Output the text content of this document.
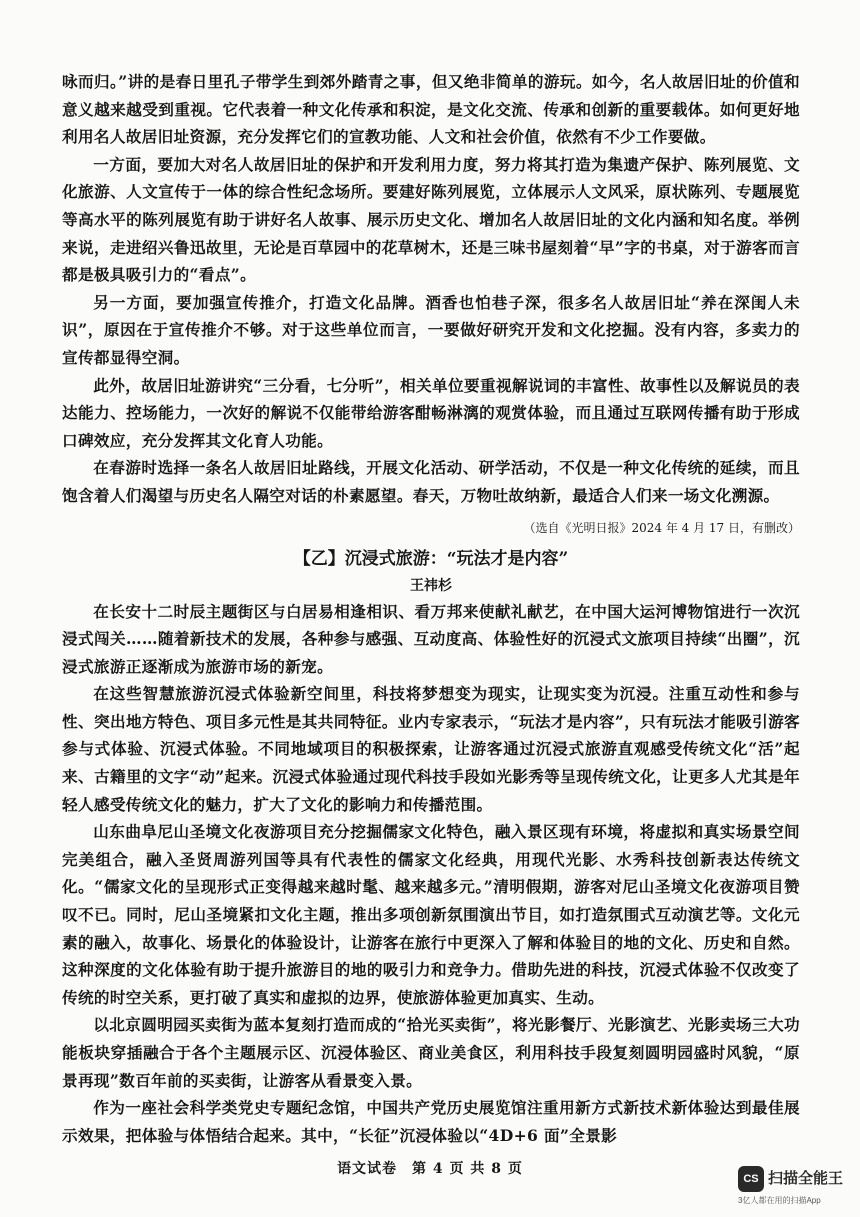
咏而归。”讲的是春日里孔子带学生到郊外踏青之事，但又绝非简单的游玩。如今，名人故居旧址的价值和意义越来越受到重视。它代表着一种文化传承和积淀，是文化交流、传承和创新的重要载体。如何更好地利用名人故居旧址资源，充分发挥它们的宣教功能、人文和社会价值，依然有不少工作要做。

一方面，要加大对名人故居旧址的保护和开发利用力度，努力将其打造为集遗产保护、陈列展览、文化旅游、人文宣传于一体的综合性纪念场所。要建好陈列展览，立体展示人文风采，原状陈列、专题展览等高水平的陈列展览有助于讲好名人故事、展示历史文化、增加名人故居旧址的文化内涵和知名度。举例来说，走进绍兴鲁迅故里，无论是百草园中的花草树木，还是三味书屋刻着“早”字的书桌，对于游客而言都是极具吸引力的“看点”。

另一方面，要加强宣传推介，打造文化品牌。酒香也怕巷子深，很多名人故居旧址“养在深闺人未识”，原因在于宣传推介不够。对于这些单位而言，一要做好研究开发和文化挖掘。没有内容，多卖力的宣传都显得空洞。

此外，故居旧址游讲究“三分看，七分听”，相关单位要重视解说词的丰富性、故事性以及解说员的表达能力、控场能力，一次好的解说不仅能带给游客酣畅淋漓的观赏体验，而且通过互联网传播有助于形成口碑效应，充分发挥其文化育人功能。

在春游时选择一条名人故居旧址路线，开展文化活动、研学活动，不仅是一种文化传统的延续，而且饱含着人们渴望与历史名人隔空对话的朴素愿望。春天，万物吐故纳新，最适合人们来一场文化溯源。

（选自《光明日报》2024 年 4 月 17 日，有删改）

【乙】沉浸式旅游：“玩法才是内容”

王祎杉

在长安十二时辰主题街区与白居易相逢相识、看万邦来使献礼献艺，在中国大运河博物馆进行一次沉浸式闯关……随着新技术的发展，各种参与感强、互动度高、体验性好的沉浸式文旅项目持续“出圈”，沉浸式旅游正逐渐成为旅游市场的新宠。

在这些智慧旅游沉浸式体验新空间里，科技将梦想变为现实，让现实变为沉浸。注重互动性和参与性、突出地方特色、项目多元性是其共同特征。业内专家表示，“玩法才是内容”，只有玩法才能吸引游客参与式体验、沉浸式体验。不同地域项目的积极探索，让游客通过沉浸式旅游直观感受传统文化“活”起来、古籍里的文字“动”起来。沉浸式体验通过现代科技手段如光影秀等呈现传统文化，让更多人尤其是年轻人感受传统文化的魅力，扩大了文化的影响力和传播范围。

山东曲阜尼山圣境文化夜游项目充分挖掘儒家文化特色，融入景区现有环境，将虚拟和真实场景空间完美组合，融入圣贤周游列国等具有代表性的儒家文化经典，用现代光影、水秀科技创新表达传统文化。“儒家文化的呈现形式正变得越来越时髦、越来越多元。”清明假期，游客对尼山圣境文化夜游项目赞叹不已。同时，尼山圣境紧扣文化主题，推出多项创新氛围演出节目，如打造氛围式互动演艺等。文化元素的融入，故事化、场景化的体验设计，让游客在旅行中更深入了解和体验目的地的文化、历史和自然。这种深度的文化体验有助于提升旅游目的地的吸引力和竞争力。借助先进的科技，沉浸式体验不仅改变了传统的时空关系，更打破了真实和虚拟的边界，使旅游体验更加真实、生动。

以北京圆明园买卖街为蓝本复刻打造而成的“拾光买卖街”，将光影餐厅、光影演艺、光影卖场三大功能板块穿插融合于各个主题展示区、沉浸体验区、商业美食区，利用科技手段复刻圆明园盛时风貌，“原景再现”数百年前的买卖街，让游客从看景变入景。

作为一座社会科学类党史专题纪念馆，中国共产党历史展览馆注重用新方式新技术新体验达到最佳展示效果，把体验与体悟结合起来。其中，“长征”沉浸体验以“4D+6 面”全景影

语文试卷　第 4 页 共 8 页
CS 扫描全能王
3亿人都在用的扫描App
